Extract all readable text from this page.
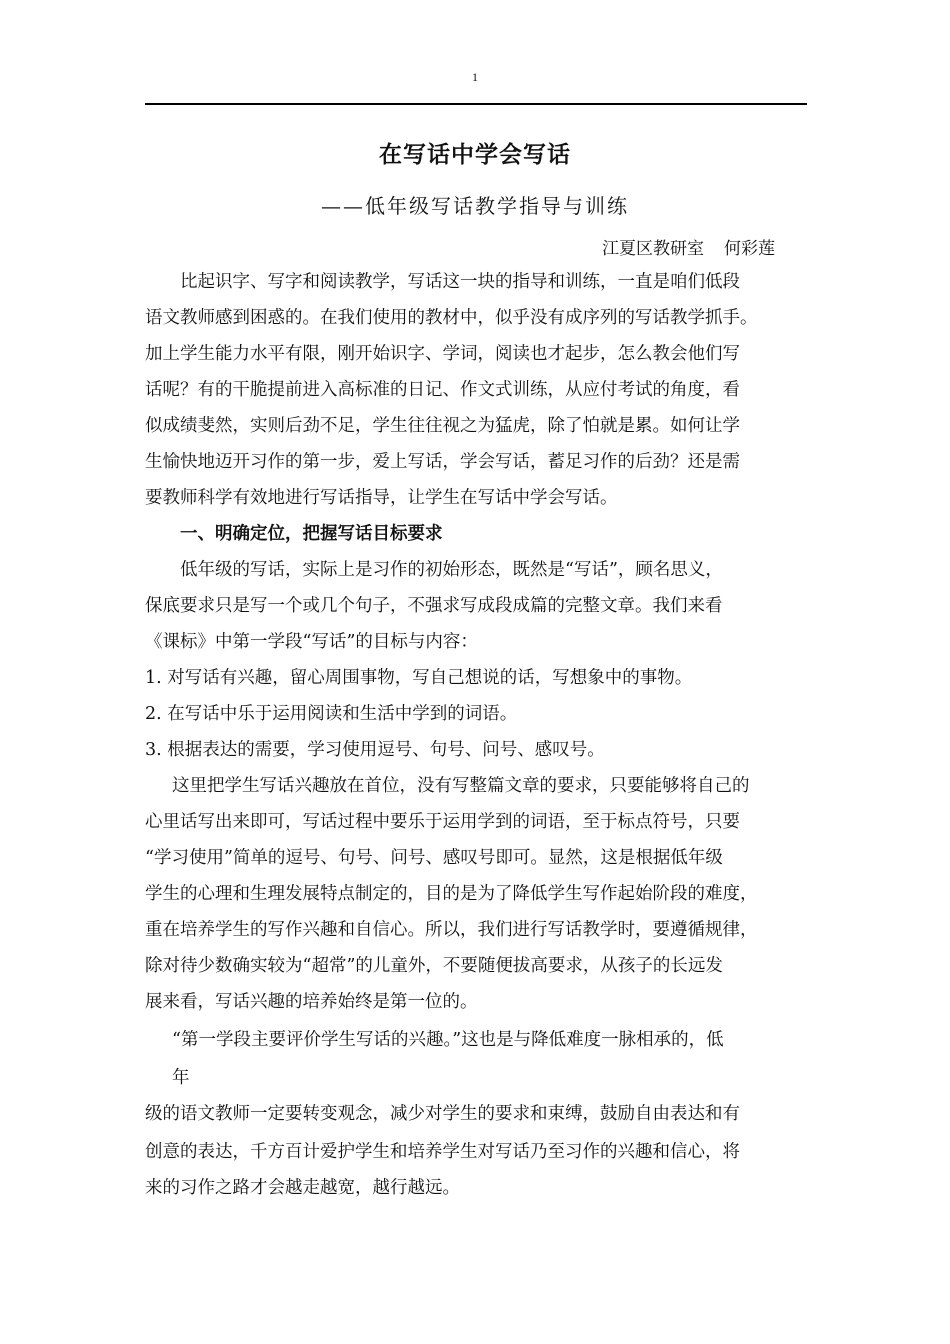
1
在写话中学会写话
——低年级写话教学指导与训练
江夏区教研室 何彩莲
比起识字、写字和阅读教学，写话这一块的指导和训练，一直是咱们低段
语文教师感到困惑的。在我们使用的教材中，似乎没有成序列的写话教学抓手。
加上学生能力水平有限，刚开始识字、学词，阅读也才起步，怎么教会他们写
话呢？有的干脆提前进入高标准的日记、作文式训练，从应付考试的角度，看
似成绩斐然，实则后劲不足，学生往往视之为猛虎，除了怕就是累。如何让学
生愉快地迈开习作的第一步，爱上写话，学会写话，蓄足习作的后劲？还是需
要教师科学有效地进行写话指导，让学生在写话中学会写话。
一、明确定位，把握写话目标要求
低年级的写话，实际上是习作的初始形态，既然是“写话”，顾名思义，
保底要求只是写一个或几个句子，不强求写成段成篇的完整文章。我们来看
《课标》中第一学段“写话”的目标与内容：
1. 对写话有兴趣，留心周围事物，写自己想说的话，写想象中的事物。
2. 在写话中乐于运用阅读和生活中学到的词语。
3. 根据表达的需要，学习使用逗号、句号、问号、感叹号。
这里把学生写话兴趣放在首位，没有写整篇文章的要求，只要能够将自己的
心里话写出来即可，写话过程中要乐于运用学到的词语，至于标点符号，只要
“学习使用”简单的逗号、句号、问号、感叹号即可。显然，这是根据低年级
学生的心理和生理发展特点制定的，目的是为了降低学生写作起始阶段的难度，
重在培养学生的写作兴趣和自信心。所以，我们进行写话教学时，要遵循规律，
除对待少数确实较为“超常”的儿童外，不要随便拔高要求，从孩子的长远发
展来看，写话兴趣的培养始终是第一位的。
“第一学段主要评价学生写话的兴趣。”这也是与降低难度一脉相承的，低
年
级的语文教师一定要转变观念，减少对学生的要求和束缚，鼓励自由表达和有
创意的表达，千方百计爱护学生和培养学生对写话乃至习作的兴趣和信心，将
来的习作之路才会越走越宽，越行越远。
